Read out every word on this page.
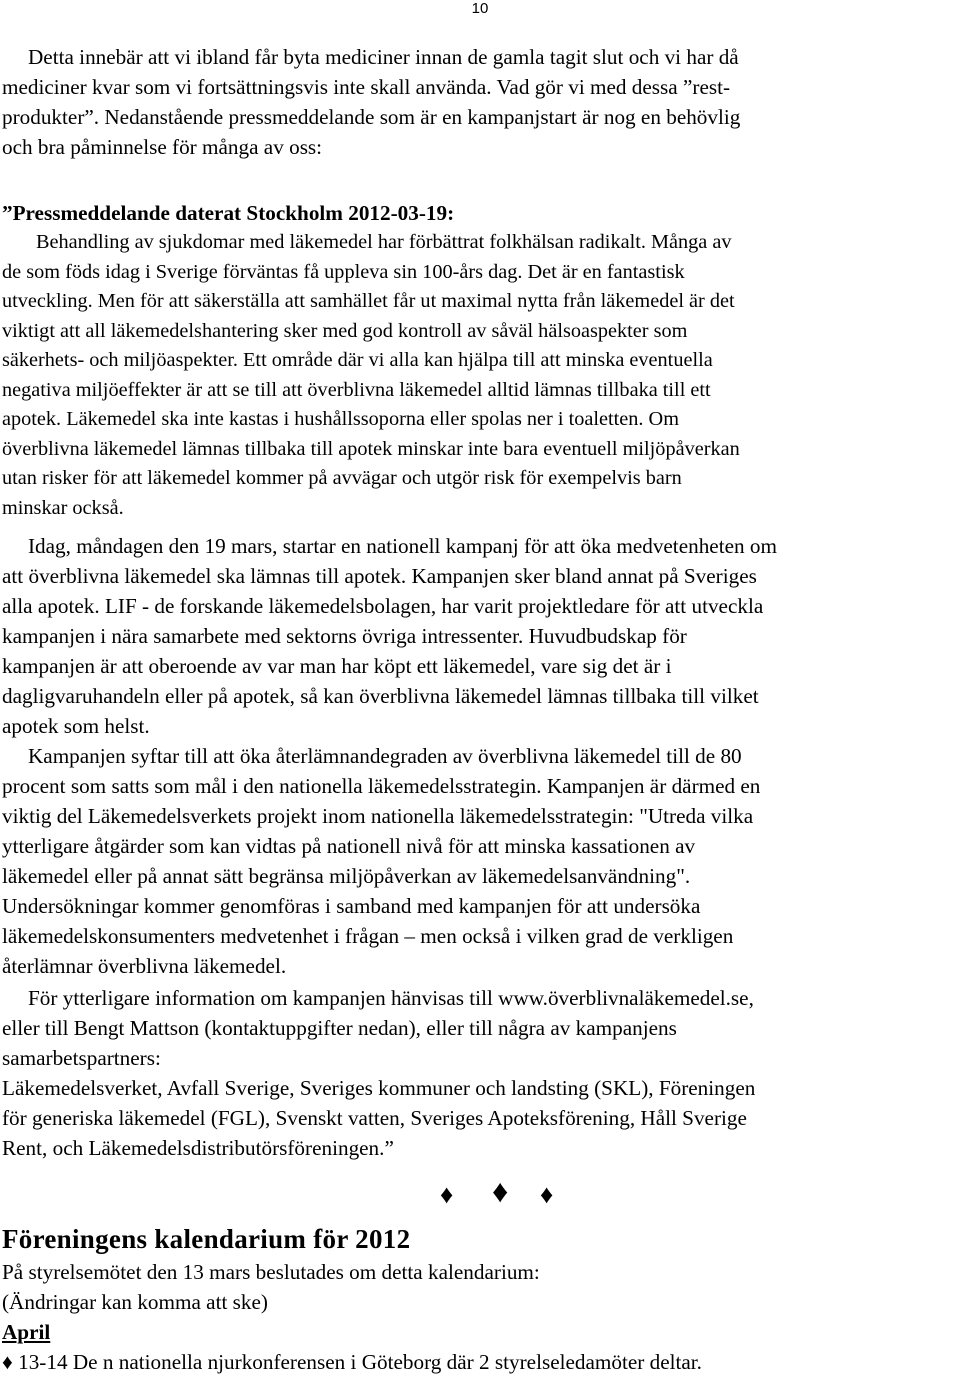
10
Detta innebär att vi ibland får byta mediciner innan de gamla tagit slut och vi har då
mediciner kvar som vi fortsättningsvis inte skall använda. Vad gör vi med dessa ”rest-
produkter”. Nedanstående pressmeddelande som är en kampanjstart är nog en behövlig
och bra påminnelse för många av oss:
”Pressmeddelande daterat Stockholm 2012-03-19:
Behandling av sjukdomar med läkemedel har förbättrat folkhälsan radikalt. Många av
de som föds idag i Sverige förväntas få uppleva sin 100-års dag. Det är en fantastisk
utveckling. Men för att säkerställa att samhället får ut maximal nytta från läkemedel är det
viktigt att all läkemedelshantering sker med god kontroll av såväl hälsoaspekter som
säkerhets- och miljöaspekter. Ett område där vi alla kan hjälpa till att minska eventuella
negativa miljöeffekter är att se till att överblivna läkemedel alltid lämnas tillbaka till ett
apotek. Läkemedel ska inte kastas i hushållssoporna eller spolas ner i toaletten. Om
överblivna läkemedel lämnas tillbaka till apotek minskar inte bara eventuell miljöpåverkan
utan risker för att läkemedel kommer på avvägar och utgör risk för exempelvis barn
minskar också.
Idag, måndagen den 19 mars, startar en nationell kampanj för att öka medvetenheten om
att överblivna läkemedel ska lämnas till apotek. Kampanjen sker bland annat på Sveriges
alla apotek. LIF - de forskande läkemedelsbolagen, har varit projektledare för att utveckla
kampanjen i nära samarbete med sektorns övriga intressenter. Huvudbudskap för
kampanjen är att oberoende av var man har köpt ett läkemedel, vare sig det är i
dagligvaruhandeln eller på apotek, så kan överblivna läkemedel lämnas tillbaka till vilket
apotek som helst.
Kampanjen syftar till att öka återlämnandegraden av överblivna läkemedel till de 80
procent som satts som mål i den nationella läkemedelsstrategin. Kampanjen är därmed en
viktig del Läkemedelsverkets projekt inom nationella läkemedelsstrategin: "Utreda vilka
ytterligare åtgärder som kan vidtas på nationell nivå för att minska kassationen av
läkemedel eller på annat sätt begränsa miljöpåverkan av läkemedelsanvändning".
Undersökningar kommer genomföras i samband med kampanjen för att undersöka
läkemedelskonsumenters medvetenhet i frågan – men också i vilken grad de verkligen
återlämnar överblivna läkemedel.
För ytterligare information om kampanjen hänvisas till www.överblivnaläkemedel.se,
eller till Bengt Mattson (kontaktuppgifter nedan), eller till några av kampanjens
samarbetspartners:
Läkemedelsverket, Avfall Sverige, Sveriges kommuner och landsting (SKL), Föreningen
för generiska läkemedel (FGL), Svenskt vatten, Sveriges Apoteksförening, Håll Sverige
Rent, och Läkemedelsdistributörsföreningen.”
♦ ♦ ♦
Föreningens kalendarium för 2012
På styrelsemötet den 13 mars beslutades om detta kalendarium:
(Ändringar kan komma att ske)
April
♦ 13-14 De n nationella njurkonferensen i Göteborg där 2 styrelseledamöter deltar.
